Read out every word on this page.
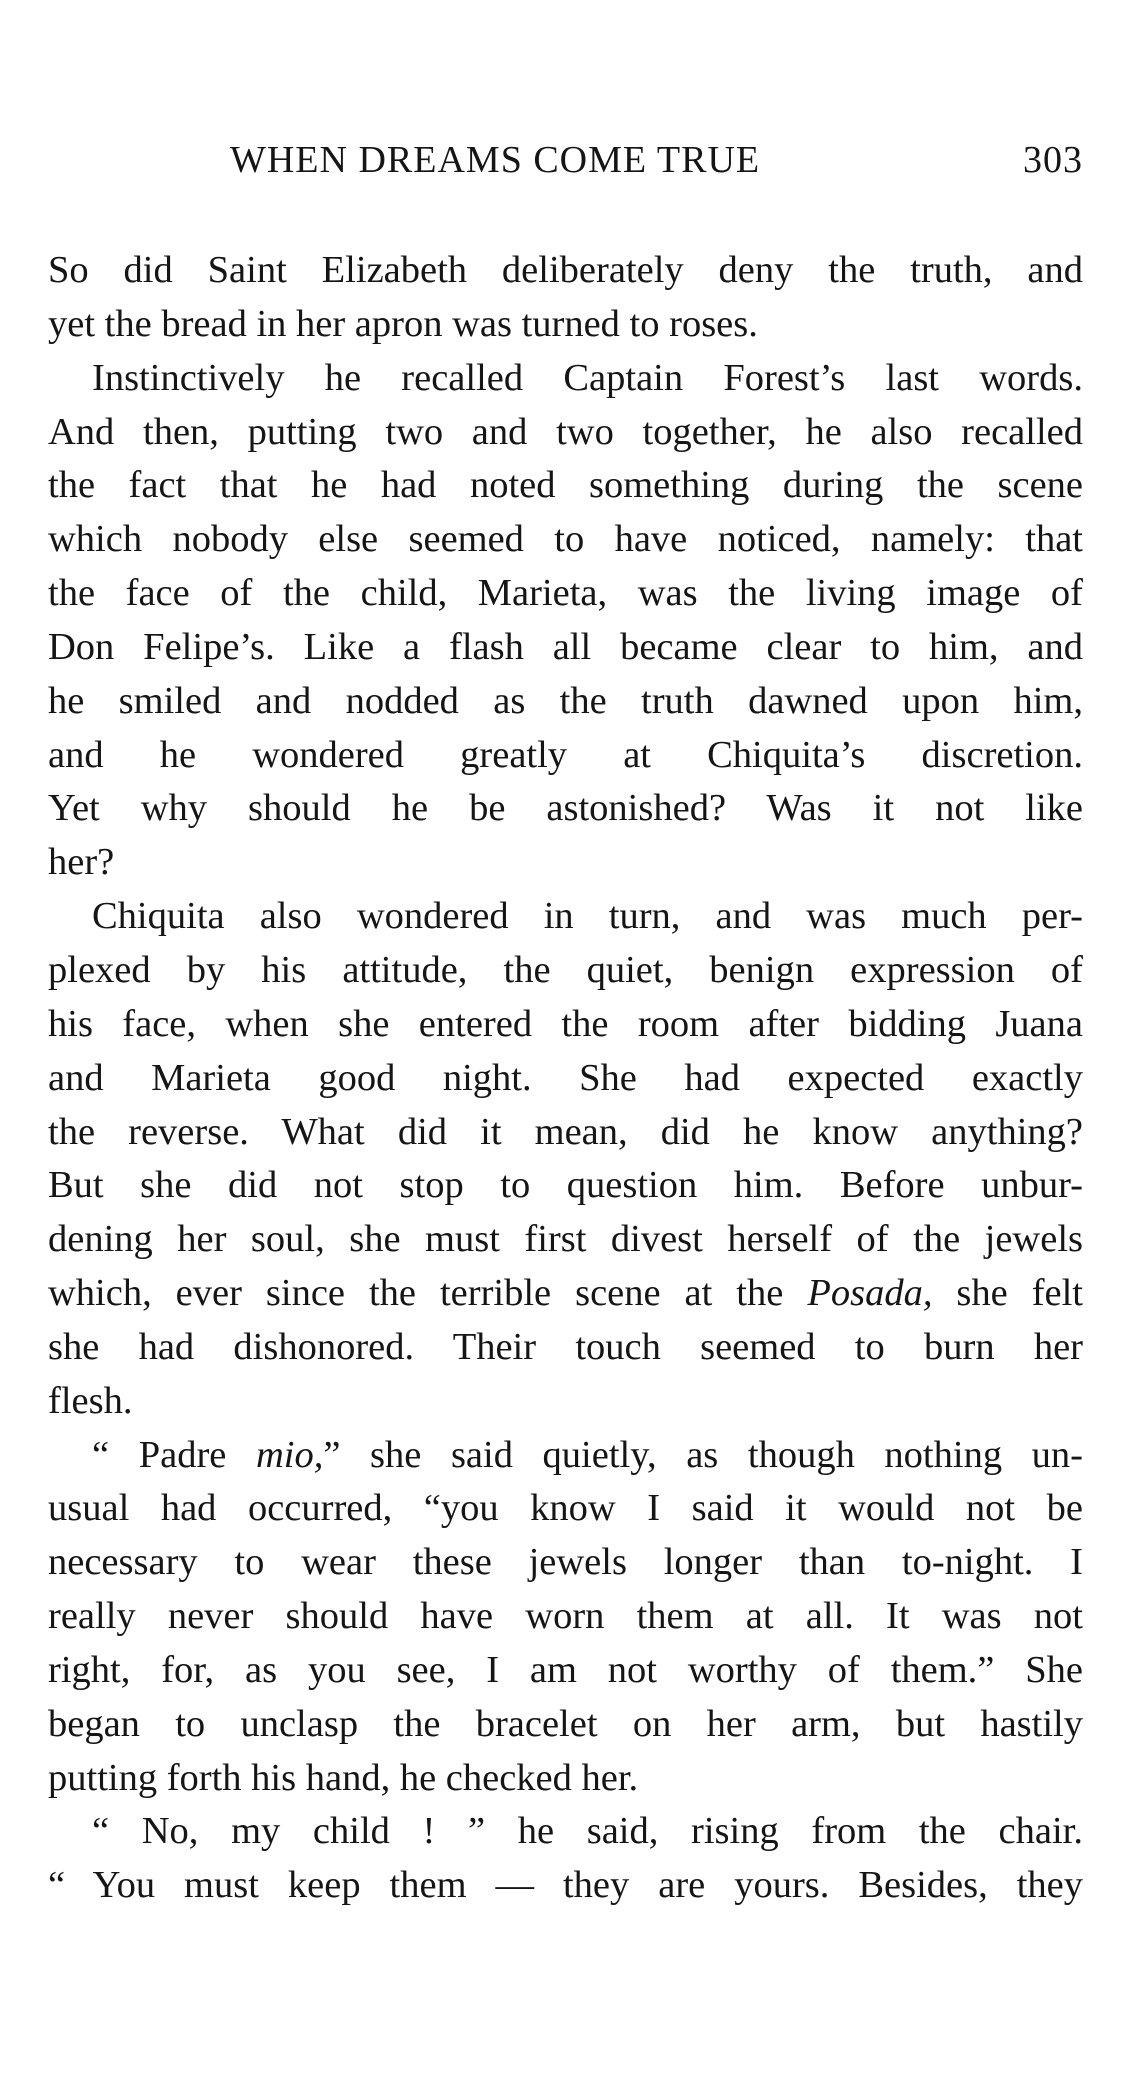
WHEN DREAMS COME TRUE	303
So did Saint Elizabeth deliberately deny the truth, and
yet the bread in her apron was turned to roses.
Instinctively he recalled Captain Forest’s last words.
And then, putting two and two together, he also recalled
the fact that he had noted something during the scene
which nobody else seemed to have noticed, namely: that
the face of the child, Marieta, was the living image of
Don Felipe’s. Like a flash all became clear to him, and
he smiled and nodded as the truth dawned upon him,
and he wondered greatly at Chiquita’s discretion.
Yet why should he be astonished? Was it not like
her?
Chiquita also wondered in turn, and was much per-
plexed by his attitude, the quiet, benign expression of
his face, when she entered the room after bidding Juana
and Marieta good night. She had expected exactly
the reverse. What did it mean, did he know anything?
But she did not stop to question him. Before unbur-
dening her soul, she must first divest herself of the jewels
which, ever since the terrible scene at the Posada, she felt
she had dishonored. Their touch seemed to burn her
flesh.
“ Padre mio,” she said quietly, as though nothing un-
usual had occurred, “you know I said it would not be
necessary to wear these jewels longer than to-night. I
really never should have worn them at all. It was not
right, for, as you see, I am not worthy of them.” She
began to unclasp the bracelet on her arm, but hastily
putting forth his hand, he checked her.
“ No, my child ! ” he said, rising from the chair.
“ You must keep them — they are yours. Besides, they
